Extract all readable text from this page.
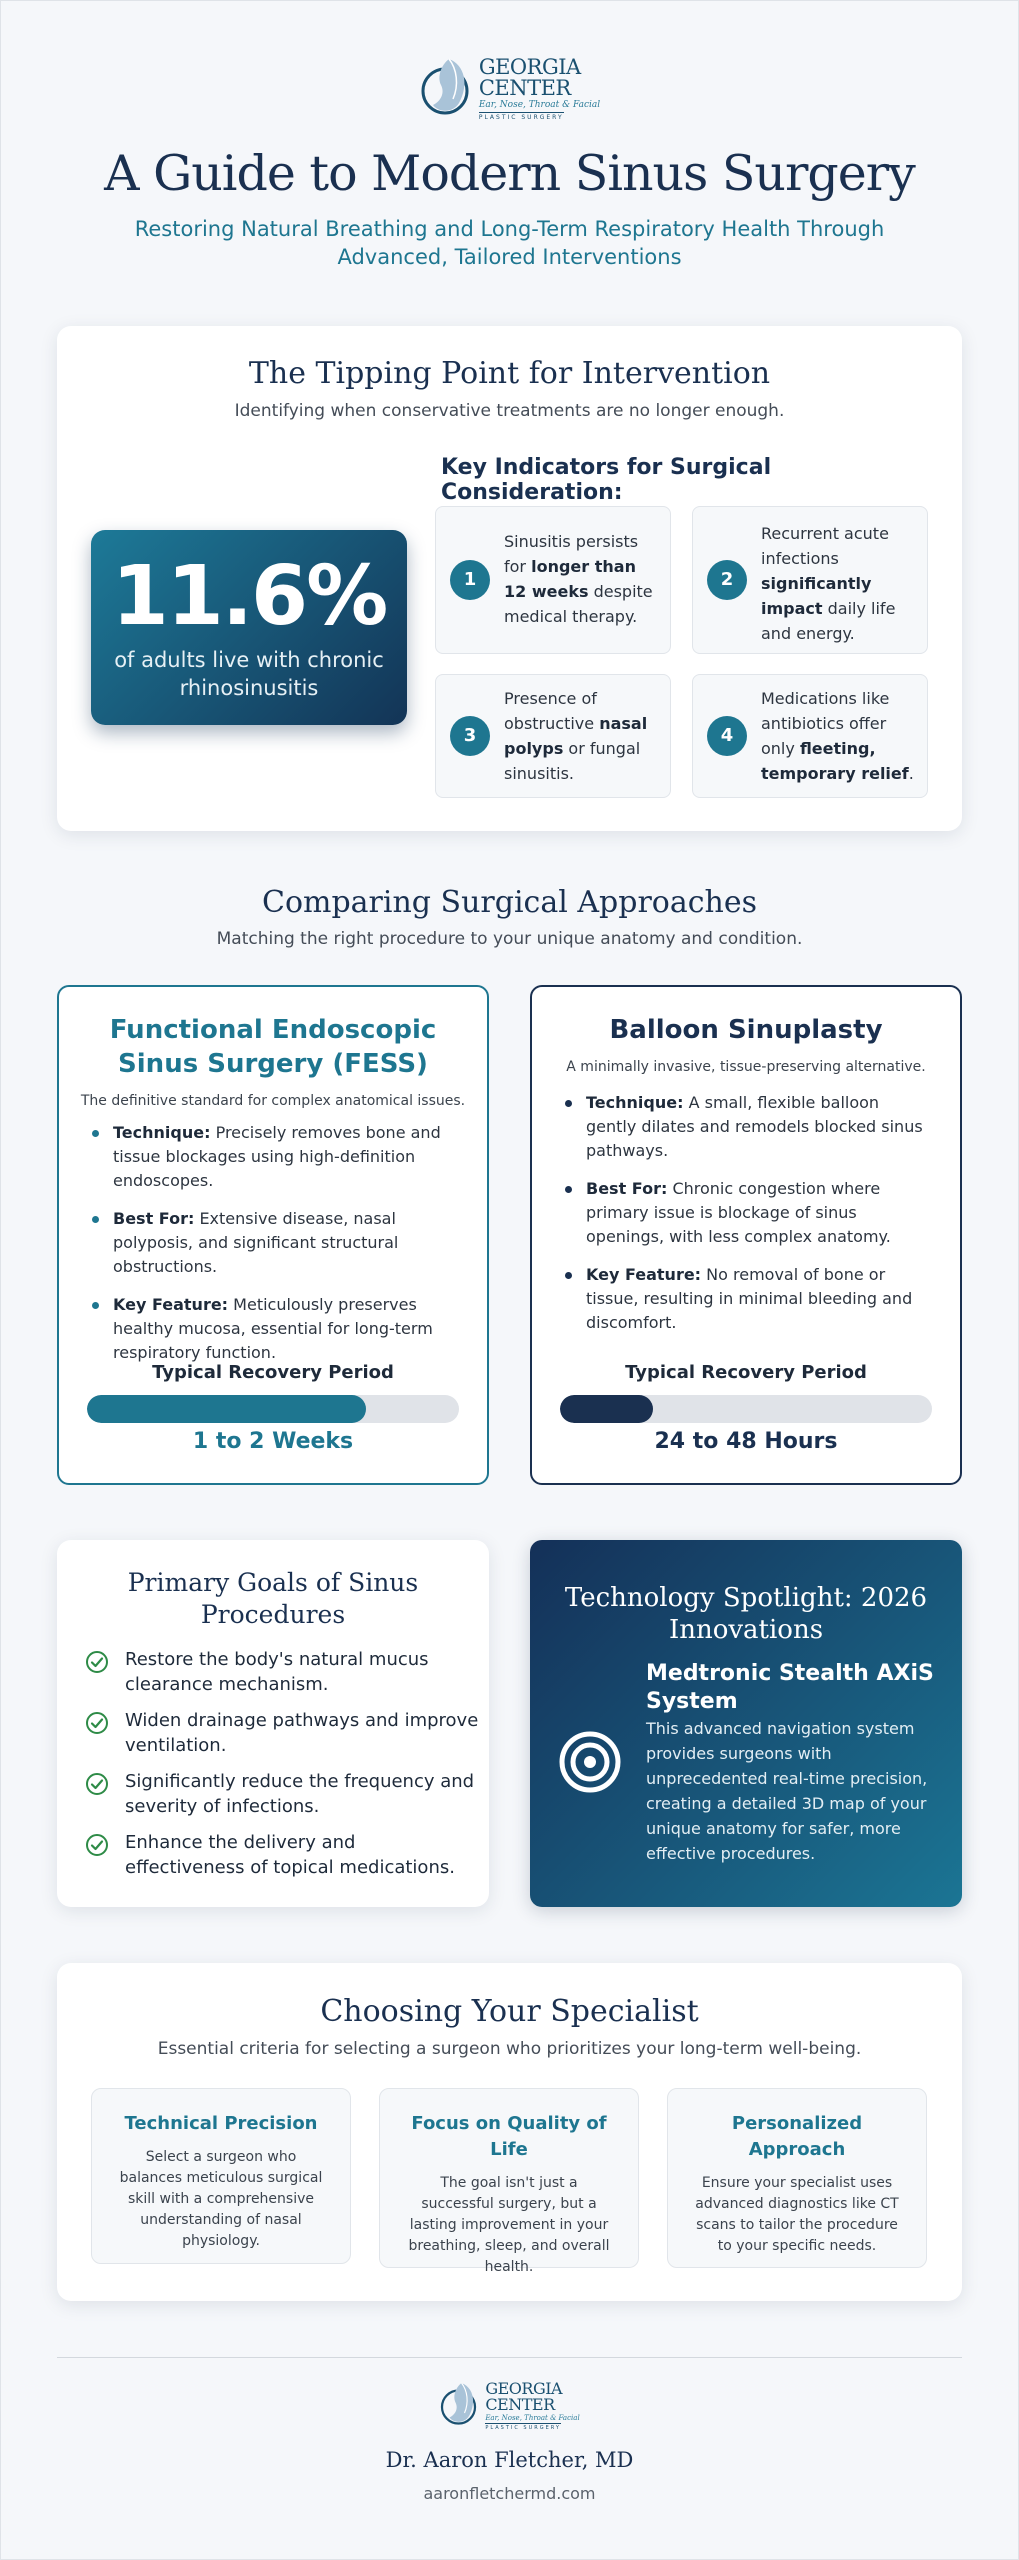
GEORGIA
CENTER
Ear, Nose, Throat & Facial
PLASTIC SURGERY
A Guide to Modern Sinus Surgery
Restoring Natural Breathing and Long-Term Respiratory Health Through Advanced, Tailored Interventions
The Tipping Point for Intervention
Identifying when conservative treatments are no longer enough.
11.6%
of adults live with chronic rhinosinusitis
Key Indicators for Surgical Consideration:
1
Sinusitis persists for longer than 12 weeks despite medical therapy.
2
Recurrent acute infections significantly impact daily life and energy.
3
Presence of obstructive nasal polyps or fungal sinusitis.
4
Medications like antibiotics offer only fleeting, temporary relief.
Comparing Surgical Approaches
Matching the right procedure to your unique anatomy and condition.
Functional Endoscopic Sinus Surgery (FESS)
The definitive standard for complex anatomical issues.
Technique: Precisely removes bone and tissue blockages using high-definition endoscopes.
Best For: Extensive disease, nasal polyposis, and significant structural obstructions.
Key Feature: Meticulously preserves healthy mucosa, essential for long-term respiratory function.
Typical Recovery Period
1 to 2 Weeks
Balloon Sinuplasty
A minimally invasive, tissue-preserving alternative.
Technique: A small, flexible balloon gently dilates and remodels blocked sinus pathways.
Best For: Chronic congestion where primary issue is blockage of sinus openings, with less complex anatomy.
Key Feature: No removal of bone or tissue, resulting in minimal bleeding and discomfort.
Typical Recovery Period
24 to 48 Hours
Primary Goals of Sinus Procedures
Restore the body's natural mucus clearance mechanism.
Widen drainage pathways and improve ventilation.
Significantly reduce the frequency and severity of infections.
Enhance the delivery and effectiveness of topical medications.
Technology Spotlight: 2026 Innovations
Medtronic Stealth AXiS System
This advanced navigation system provides surgeons with unprecedented real-time precision, creating a detailed 3D map of your unique anatomy for safer, more effective procedures.
Choosing Your Specialist
Essential criteria for selecting a surgeon who prioritizes your long-term well-being.
Technical Precision

Select a surgeon who balances meticulous surgical skill with a comprehensive understanding of nasal physiology.

Focus on Quality of Life

The goal isn't just a successful surgery, but a lasting improvement in your breathing, sleep, and overall health.

Personalized Approach

Ensure your specialist uses advanced diagnostics like CT scans to tailor the procedure to your specific needs.

GEORGIA
CENTER
Ear, Nose, Throat & Facial
PLASTIC SURGERY
Dr. Aaron Fletcher, MD
aaronfletchermd.com
